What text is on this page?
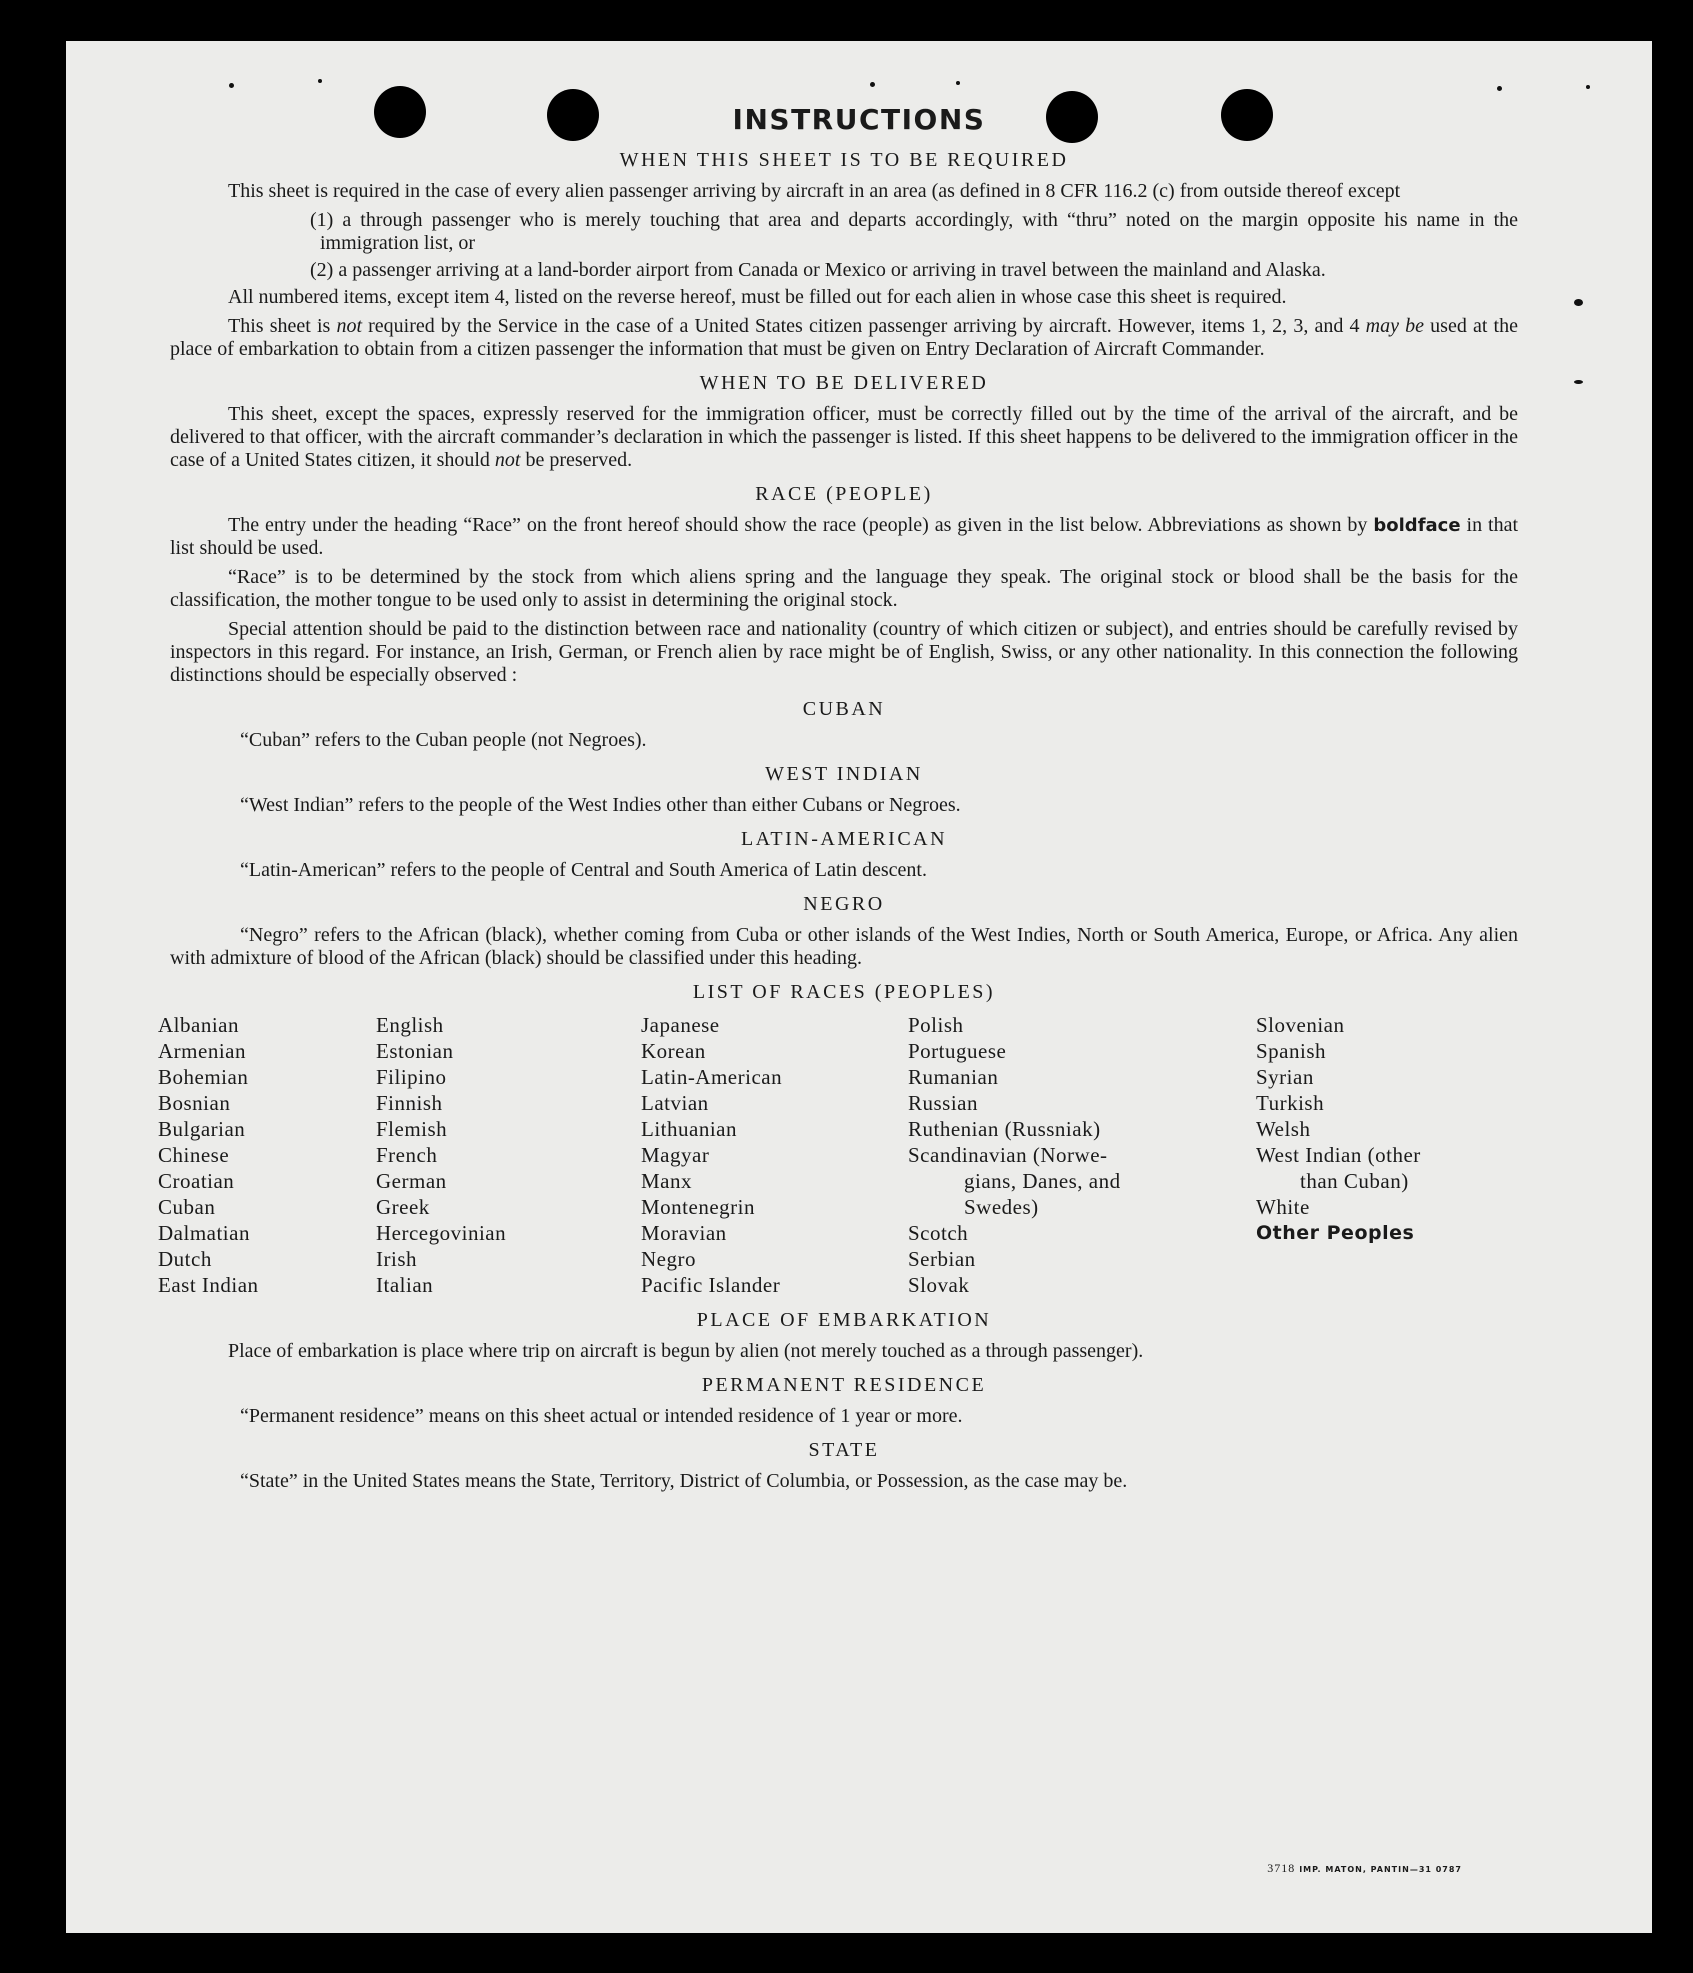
INSTRUCTIONS
WHEN THIS SHEET IS TO BE REQUIRED
This sheet is required in the case of every alien passenger arriving by aircraft in an area (as defined in 8 CFR 116.2 (c) from outside thereof except
(1) a through passenger who is merely touching that area and departs accordingly, with “thru” noted on the margin opposite his name in the immigration list, or
(2) a passenger arriving at a land-border airport from Canada or Mexico or arriving in travel between the mainland and Alaska.
All numbered items, except item 4, listed on the reverse hereof, must be filled out for each alien in whose case this sheet is required.
This sheet is not required by the Service in the case of a United States citizen passenger arriving by aircraft. However, items 1, 2, 3, and 4 may be used at the place of embarkation to obtain from a citizen passenger the information that must be given on Entry Declaration of Aircraft Commander.
WHEN TO BE DELIVERED
This sheet, except the spaces, expressly reserved for the immigration officer, must be correctly filled out by the time of the arrival of the aircraft, and be delivered to that officer, with the aircraft commander’s declaration in which the passenger is listed. If this sheet happens to be delivered to the immigration officer in the case of a United States citizen, it should not be preserved.
RACE (PEOPLE)
The entry under the heading “Race” on the front hereof should show the race (people) as given in the list below. Abbreviations as shown by boldface in that list should be used.
“Race” is to be determined by the stock from which aliens spring and the language they speak. The original stock or blood shall be the basis for the classification, the mother tongue to be used only to assist in determining the original stock.
Special attention should be paid to the distinction between race and nationality (country of which citizen or subject), and entries should be carefully revised by inspectors in this regard. For instance, an Irish, German, or French alien by race might be of English, Swiss, or any other nationality. In this connection the following distinctions should be especially observed :
CUBAN
“Cuban” refers to the Cuban people (not Negroes).
WEST INDIAN
“West Indian” refers to the people of the West Indies other than either Cubans or Negroes.
LATIN-AMERICAN
“Latin-American” refers to the people of Central and South America of Latin descent.
NEGRO
“Negro” refers to the African (black), whether coming from Cuba or other islands of the West Indies, North or South America, Europe, or Africa. Any alien with admixture of blood of the African (black) should be classified under this heading.
LIST OF RACES (PEOPLES)
Albanian
Armenian
Bohemian
Bosnian
Bulgarian
Chinese
Croatian
Cuban
Dalmatian
Dutch
East Indian
English
Estonian
Filipino
Finnish
Flemish
French
German
Greek
Hercegovinian
Irish
Italian
Japanese
Korean
Latin-American
Latvian
Lithuanian
Magyar
Manx
Montenegrin
Moravian
Negro
Pacific Islander
Polish
Portuguese
Rumanian
Russian
Ruthenian (Russniak)
Scandinavian (Norwe-
gians, Danes, and
Swedes)
Scotch
Serbian
Slovak
Slovenian
Spanish
Syrian
Turkish
Welsh
West Indian (other
than Cuban)
White
Other Peoples
PLACE OF EMBARKATION
Place of embarkation is place where trip on aircraft is begun by alien (not merely touched as a through passenger).
PERMANENT RESIDENCE
“Permanent residence” means on this sheet actual or intended residence of 1 year or more.
STATE
“State” in the United States means the State, Territory, District of Columbia, or Possession, as the case may be.
3718 IMP. MATON, PANTIN—31 0787
